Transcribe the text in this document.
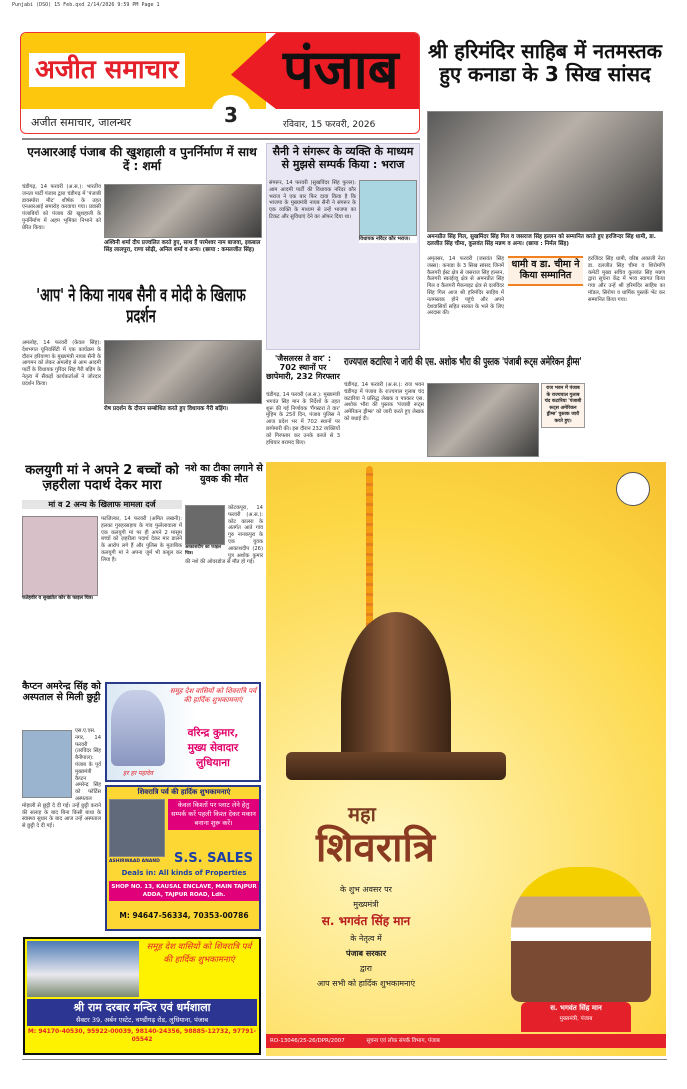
Punjabi (DSO) 15 Feb.qxd 2/14/2026 9:59 PM Page 1
अजीत समाचार पंजाब
3
अजीत समाचार, जालन्धर	रविवार, 15 फरवरी, 2026
श्री हरिमंदिर साहिब में नतमस्तक हुए कनाडा के 3 सिख सांसद
अमनप्रीत सिंह गिल, सुखमिंदर सिंह गिल व जसराज सिंह हल्लन को सम्मानित करते हुए हरजिन्दर सिंह धामी, डा. दलजीत सिंह चीमा, कुलवंत सिंह मन्नण व अन्य। (छाया : निर्मल सिंह)
अमृतसर, 14 फरवरी (जसवंत सिंह जस्स): कनाडा के 3 सिख सांसद जिनमें कैलगरी ईस्ट क्षेत्र से जसराज सिंह हल्लन, कैलगरी स्काईव्यू क्षेत्र से अमनप्रीत सिंह गिल व कैलगरी मैकनाइट क्षेत्र से दलविंदर सिंह गिल आज श्री हरिमंदिर साहिब में नतमस्तक होने पहुंचे और अपने देशवासियों सहित सरबत के भले के लिए अरदास की।
धामी व डा. चीमा ने किया सम्मानित
हरजिंदर सिंह धामी, वरिष्ठ अकाली नेता डा. दलजीत सिंह चीमा व शिरोमणि कमेटी मुख्य सचिव कुलवंत सिंह मन्नण द्वारा सूचना केंद्र में भव्य स्वागत किया गया और उन्हें श्री हरिमंदिर साहिब का मॉडल, सिरोपा व धार्मिक पुस्तकें भेंट कर सम्मानित किया गया।
एनआरआई पंजाब की खुशहाली व पुनर्निर्माण में साथ दें : शर्मा
चंडीगढ़, 14 फरवरी (अ.स.): भारतीय जनता पार्टी पंजाब द्वारा चंडीगढ़ में 'पंजाबी डायस्पोरा मीट' शीर्षक के तहत एनआरआई समारोह करवाया गया। प्रवासी पंजाबियों को पंजाब की खुशहाली के पुनर्निर्माण में अहम भूमिका निभाने को प्रेरित किया।
अश्विनी शर्मा दीप प्रज्वलित करते हुए, साथ हैं परमेश्वर नाम बाजवा, इकबाल सिंह लालपुरा, राणा सोढ़ी, अनिल शर्मा व अन्य। (छाया : कमलजीत सिंह)
सैनी ने संगरूर के व्यक्ति के माध्यम से मुझसे सम्पर्क किया : भराज
विधायक नरिंदर कौर भराज।
संगरूर, 14 फरवरी (सुखविंदर सिंह फुल्ल): आम आदमी पार्टी की विधायक नरिंदर कौर भराज ने एक बार फिर दावा किया है कि भाजपा के मुख्यमंत्री नायब सैनी ने संगरूर के एक व्यक्ति के माध्यम से उन्हें भाजपा का टिकट और सुविधाएं देने का ऑफर दिया था।
'आप' ने किया नायब सैनी व मोदी के खिलाफ प्रदर्शन
अमलोह, 14 फरवरी (केवल सिंह): देशभगत यूनिवर्सिटी में एक कार्यक्रम के दौरान हरियाणा के मुख्यमंत्री नायब सैनी के आगमन को लेकर अमलोह से आम आदमी पार्टी के विधायक गुरिंदर सिंह गैरी बड़िंग के नेतृत्व में सैंकड़ों कार्यकर्ताओं ने जोरदार प्रदर्शन किया।
रोष प्रदर्शन के दौरान सम्बोधित करते हुए विधायक गैरी बड़िंग।
'जैसलरस ते वार' : 702 स्थानों पर छापेमारी, 232 गिरफ्तार
चंडीगढ़, 14 फरवरी (अ.स.): मुख्यमंत्री भगवंत सिंह मान के निर्देशों के तहत शुरू की गई निर्णायक 'गैंगस्टरां ते वार' मुहिम के 25वें दिन, पंजाब पुलिस ने आज प्रदेश भर में 702 स्थानों पर छापेमारी की। इस दौरान 232 व्यक्तियों को गिरफ्तार कर उनके कब्जे से 3 हथियार बरामद किए।
राज्यपाल कटारिया ने जारी की एस. अशोक भौरा की पुस्तक 'पंजाबी रूट्स अमेरिकन ड्रीम्स'
चंडीगढ़, 14 फरवरी (अ.स.): राज भवन चंडीगढ़ में पंजाब के राज्यपाल गुलाब चंद कटारिया ने प्रसिद्ध लेखक व पत्रकार एस. अशोक भौरा की पुस्तक 'पंजाबी रूट्स अमेरिकन ड्रीम्स' को जारी करते हुए लेखक को बधाई दी।
राज भवन में पंजाब के राज्यपाल गुलाब चंद कटारिया 'पंजाबी रूट्स अमेरिकन ड्रीम्स' पुस्तक जारी करते हुए।
कलयुगी मां ने अपने 2 बच्चों को ज़हरीला पदार्थ देकर मारा
मां व 2 अन्य के खिलाफ मामला दर्ज
फतेहवीर व सुखप्रीत कौर के फाइल चित्र।
फाजिल्का, 14 फरवरी (अमित लखनी): हलका गुरुहरसहाय के गांव फुलेलावाला में एक कलयुगी मां पर ही अपने 2 मासूम बच्चों को ज़हरीला पदार्थ देकर मार डालने के आरोप लगे हैं और पुलिस के मुताबिक कलयुगी मां ने अपना जुर्म भी कबूल कर लिया है।
नशे का टीका लगाने से युवक की मौत
आकाशदीप का फाइल चित्र।
कोटकपूरा, 14 फरवरी (अ.स.): कोट कालरा के अंतर्गत आते गांव गुरु नानकपुरा के एक युवक आकाशदीप (26) पुत्र अशोक कुमार की नशे की ओवरडोज से मौत हो गई।
कैप्टन अमरेन्द्र सिंह को अस्पताल से मिली छुट्टी
एस.ए.एस. नगर, 14 फरवरी (तरविंदर सिंह बैनीपाल): पंजाब के पूर्व मुख्यमंत्री कैप्टन अमरेन्द्र सिंह को फोर्टिस अस्पताल मोहाली से छुट्टी दे दी गई। उन्हें छुट्टी कराने की सलाह के बाद बिना किसी बाधा के स्वास्थ्य सुधार के बाद आज उन्हें अस्पताल से छुट्टी दे दी गई।
समूह देश वासियों को शिवरात्रि पर्व की हार्दिक शुभकामनाएं
वरिन्द्र कुमार,
मुख्य सेवादार
लुधियाना
हर हर महादेव
शिवरात्रि पर्व की हार्दिक शुभकामनाएं
ASHIRWAAD ANAND
केवल किश्तों पर प्लाट लेने हेतु सम्पर्क करें पहली किश्त देकर मकान बनाना शुरू करें।
S.S. SALES
Deals in: All kinds of Properties
SHOP NO. 13, KAUSAL ENCLAVE, MAIN TAJPUR ADDA, TAJPUR ROAD, Ldh.
M: 94647-56334, 70353-00786
समूह देश वासियों को शिवरात्रि पर्व की हार्दिक शुभकामनाएं
श्री राम दरबार मन्दिर एवं धर्मशाला
सैक्टर 39, अर्बन एस्टेट, चण्डीगढ़ रोड, लुधियाना, पंजाब
M: 94170-40530, 95922-00039, 98140-24356, 98885-12732, 97791-05542
महा
शिवरात्रि
के शुभ अवसर पर
मुख्यमंत्री
स. भगवंत सिंह मान
के नेतृत्व में
पंजाब सरकार
द्वारा
आप सभी को हार्दिक शुभकामनाएं
स. भगवंत सिंह मान
मुख्यमंत्री, पंजाब
RO-13046/25-26/DPR/2007	सूचना एवं लोक संपर्क विभाग, पंजाब
